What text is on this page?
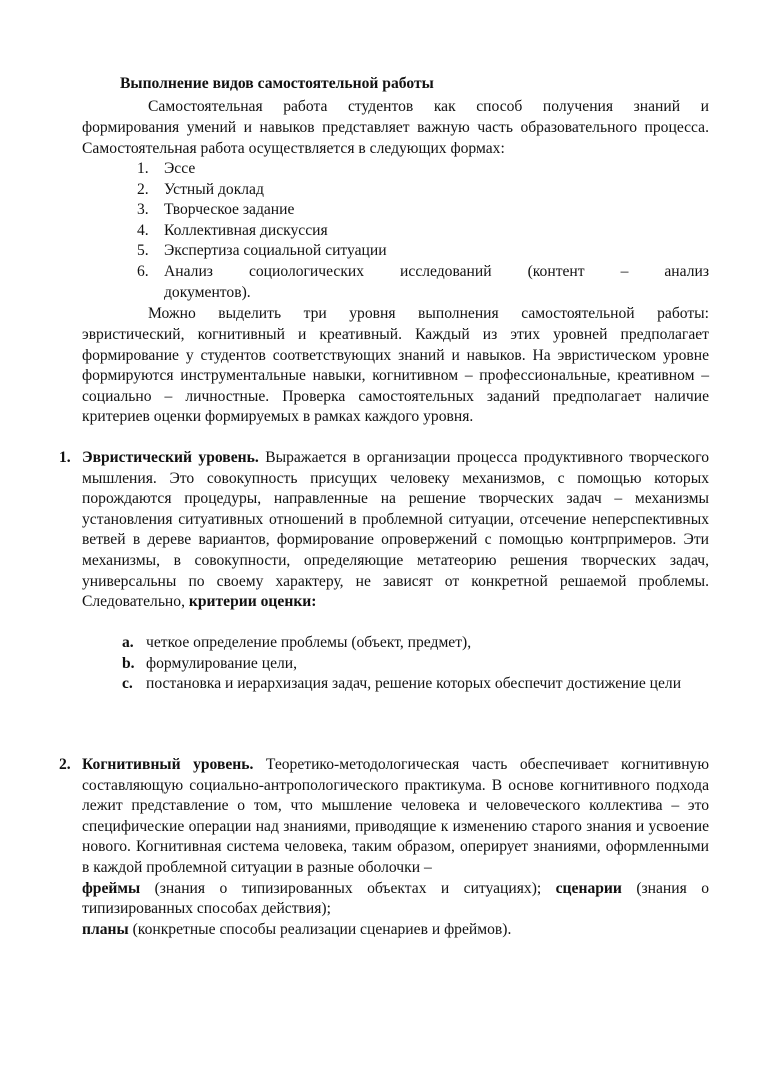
Выполнение видов самостоятельной работы

Самостоятельная работа студентов как способ получения знаний и

формирования умений и навыков представляет важную часть образовательного процесса. Самостоятельная работа осуществляется в следующих формах:

1. Эссе
2. Устный доклад
3. Творческое задание
4. Коллективная дискуссия
5. Экспертиза социальной ситуации
6. Анализ социологических исследований (контент – анализ
документов).

Можно выделить три уровня выполнения самостоятельной работы:

эвристический, когнитивный и креативный. Каждый из этих уровней предполагает формирование у студентов соответствующих знаний и навыков. На эвристическом уровне формируются инструментальные навыки, когнитивном – профессиональные, креативном – социально – личностные. Проверка самостоятельных заданий предполагает наличие критериев оценки формируемых в рамках каждого уровня.

1. Эвристический уровень. Выражается в организации процесса продуктивного творческого мышления. Это совокупность присущих человеку механизмов, с помощью которых порождаются процедуры, направленные на решение творческих задач – механизмы установления ситуативных отношений в проблемной ситуации, отсечение неперспективных ветвей в дереве вариантов, формирование опровержений с помощью контрпримеров. Эти механизмы, в совокупности, определяющие метатеорию решения творческих задач, универсальны по своему характеру, не зависят от конкретной решаемой проблемы. Следовательно, критерии оценки:

a. четкое определение проблемы (объект, предмет),
b. формулирование цели,
c. постановка и иерархизация задач, решение которых обеспечит достижение цели
2. Когнитивный уровень. Теоретико-методологическая часть обеспечивает когнитивную составляющую социально-антропологического практикума. В основе когнитивного подхода лежит представление о том, что мышление человека и человеческого коллектива – это специфические операции над знаниями, приводящие к изменению старого знания и усвоение нового. Когнитивная система человека, таким образом, оперирует знаниями, оформленными в каждой проблемной ситуации в разные оболочки –

фреймы (знания о типизированных объектах и ситуациях); сценарии (знания о типизированных способах действия);

планы (конкретные способы реализации сценариев и фреймов).
